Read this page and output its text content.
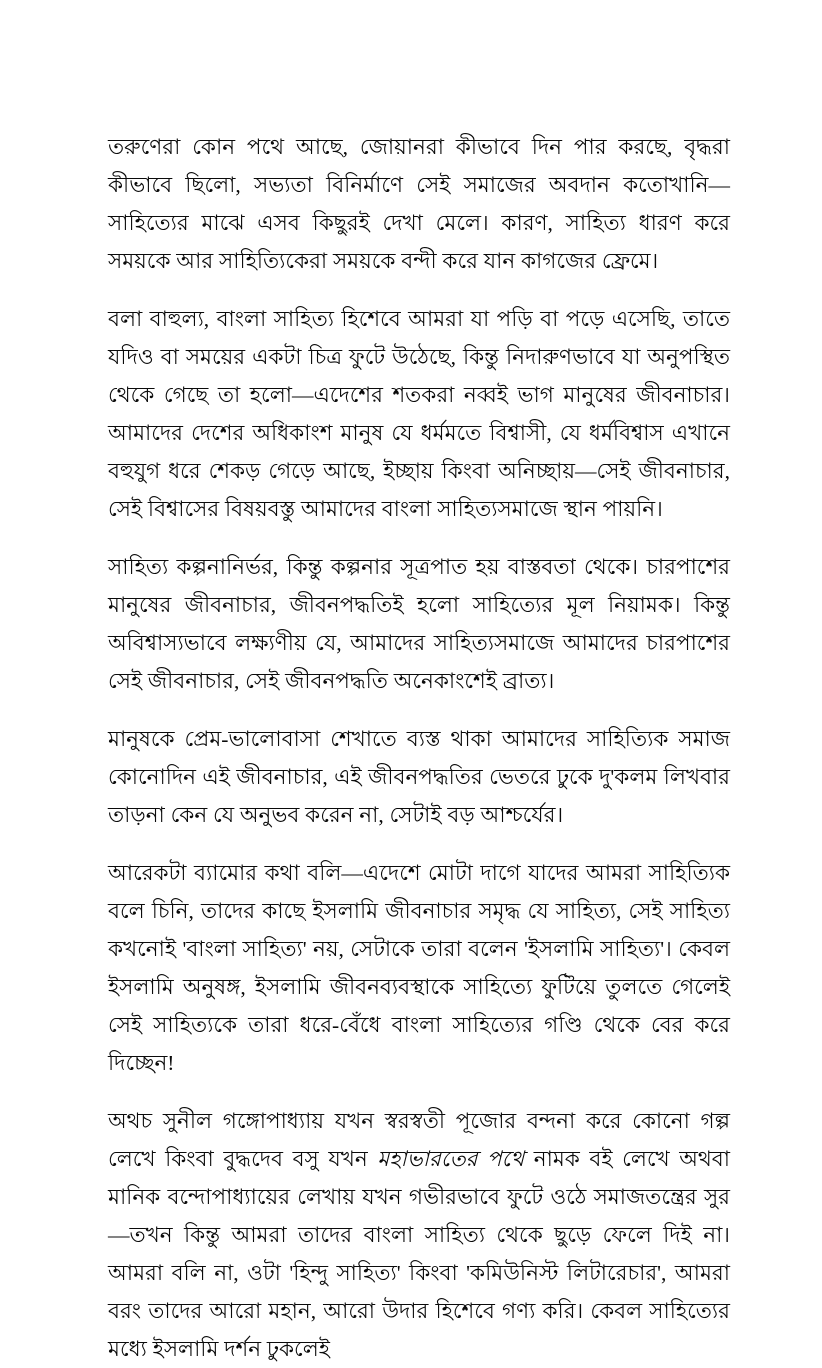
তরুণেরা কোন পথে আছে, জোয়ানরা কীভাবে দিন পার করছে, বৃদ্ধরা কীভাবে ছিলো, সভ্যতা বিনির্মাণে সেই সমাজের অবদান কতোখানি—সাহিত্যের মাঝে এসব কিছুরই দেখা মেলে। কারণ, সাহিত্য ধারণ করে সময়কে আর সাহিত্যিকেরা সময়কে বন্দী করে যান কাগজের ফ্রেমে।

বলা বাহুল্য, বাংলা সাহিত্য হিশেবে আমরা যা পড়ি বা পড়ে এসেছি, তাতে যদিও বা সময়ের একটা চিত্র ফুটে উঠেছে, কিন্তু নিদারুণভাবে যা অনুপস্থিত থেকে গেছে তা হলো—এদেশের শতকরা নব্বই ভাগ মানুষের জীবনাচার। আমাদের দেশের অধিকাংশ মানুষ যে ধর্মমতে বিশ্বাসী, যে ধর্মবিশ্বাস এখানে বহুযুগ ধরে শেকড় গেড়ে আছে, ইচ্ছায় কিংবা অনিচ্ছায়—সেই জীবনাচার, সেই বিশ্বাসের বিষয়বস্তু আমাদের বাংলা সাহিত্যসমাজে স্থান পায়নি।

সাহিত্য কল্পনানির্ভর, কিন্তু কল্পনার সূত্রপাত হয় বাস্তবতা থেকে। চারপাশের মানুষের জীবনাচার, জীবনপদ্ধতিই হলো সাহিত্যের মূল নিয়ামক। কিন্তু অবিশ্বাস্যভাবে লক্ষ্যণীয় যে, আমাদের সাহিত্যসমাজে আমাদের চারপাশের সেই জীবনাচার, সেই জীবনপদ্ধতি অনেকাংশেই ব্রাত্য।

মানুষকে প্রেম-ভালোবাসা শেখাতে ব্যস্ত থাকা আমাদের সাহিত্যিক সমাজ কোনোদিন এই জীবনাচার, এই জীবনপদ্ধতির ভেতরে ঢুকে দু'কলম লিখবার তাড়না কেন যে অনুভব করেন না, সেটাই বড় আশ্চর্যের।

আরেকটা ব্যামোর কথা বলি—এদেশে মোটা দাগে যাদের আমরা সাহিত্যিক বলে চিনি, তাদের কাছে ইসলামি জীবনাচার সমৃদ্ধ যে সাহিত্য, সেই সাহিত্য কখনোই 'বাংলা সাহিত্য' নয়, সেটাকে তারা বলেন 'ইসলামি সাহিত্য'। কেবল ইসলামি অনুষঙ্গ, ইসলামি জীবনব্যবস্থাকে সাহিত্যে ফুটিয়ে তুলতে গেলেই সেই সাহিত্যকে তারা ধরে-বেঁধে বাংলা সাহিত্যের গণ্ডি থেকে বের করে দিচ্ছেন!

অথচ সুনীল গঙ্গোপাধ্যায় যখন স্বরস্বতী পূজোর বন্দনা করে কোনো গল্প লেখে কিংবা বুদ্ধদেব বসু যখন মহাভারতের পথে নামক বই লেখে অথবা মানিক বন্দোপাধ্যায়ের লেখায় যখন গভীরভাবে ফুটে ওঠে সমাজতন্ত্রের সুর—তখন কিন্তু আমরা তাদের বাংলা সাহিত্য থেকে ছুড়ে ফেলে দিই না। আমরা বলি না, ওটা 'হিন্দু সাহিত্য' কিংবা 'কমিউনিস্ট লিটারেচার', আমরা বরং তাদের আরো মহান, আরো উদার হিশেবে গণ্য করি। কেবল সাহিত্যের মধ্যে ইসলামি দর্শন ঢুকলেই
